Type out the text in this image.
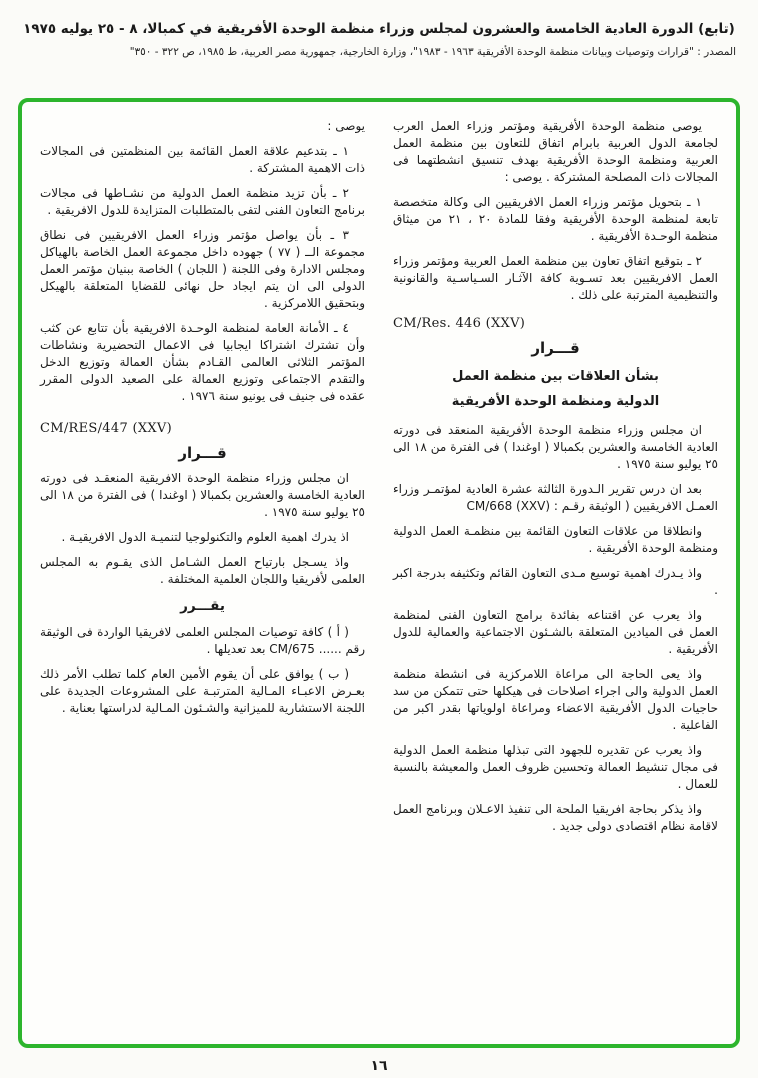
(تابع) الدورة العادية الخامسة والعشرون لمجلس وزراء منظمة الوحدة الأفريقية في كمبالا، ٨ - ٢٥ يوليه ١٩٧٥
المصدر : "قرارات وتوصيات وبيانات منظمة الوحدة الأفريقية ١٩٦٣ - ١٩٨٣"، وزارة الخارجية، جمهورية مصر العربية، ط ١٩٨٥، ص ٣٢٢ - ٣٥٠"

يوصى منظمة الوحدة الأفريقية ومؤتمر وزراء العمل العرب لجامعة الدول العربية بابرام اتفاق للتعاون بين منظمة العمل العربية ومنظمة الوحدة الأفريقية بهدف تنسيق انشطتهما فى المجالات ذات المصلحة المشتركة . يوصى :

١ ـ بتحويل مؤتمر وزراء العمل الافريقيين الى وكالة متخصصة تابعة لمنظمة الوحدة الأفريقية وفقا للمادة ٢٠ ، ٢١ من ميثاق منظمة الوحـدة الأفريقية .

٢ ـ بتوقيع اتفاق تعاون بين منظمة العمل العربية ومؤتمر وزراء العمل الافريقيين بعد تسـوية كافة الآثـار السـياسـية والقانونية والتنظيمية المترتبة على ذلك .

CM/Res. 446 (XXV)
قـــرار
بشأن العلاقات بين منظمة العمل
الدولية ومنظمة الوحدة الأفريقية

ان مجلس وزراء منظمة الوحدة الأفريقية المنعقد فى دورته العادية الخامسة والعشرين بكمبالا ( اوغندا ) فى الفترة من ١٨ الى ٢٥ يوليو سنة ١٩٧٥ .

بعد ان درس تقرير الـدورة الثالثة عشرة العادية لمؤتمـر وزراء العمـل الافريقيين ( الوثيقة رقـم : CM/668 (XXV)

وانطلاقا من علاقات التعاون القائمة بين منظمـة العمل الدولية ومنظمة الوحدة الأفريقية .

واذ يـدرك اهمية توسيع مـدى التعاون القائم وتكثيفه بدرجة اكبر .

واذ يعرب عن اقتناعه بفائدة برامج التعاون الفنى لمنظمة العمل فى الميادين المتعلقة بالشـئون الاجتماعية والعمالية للدول الأفريقية .

واذ يعى الحاجة الى مراعاة اللامركزية فى انشطة منظمة العمل الدولية والى اجراء اصلاحات فى هيكلها حتى تتمكن من سد حاجيات الدول الأفريقية الاعضاء ومراعاة اولوياتها بقدر اكبر من الفاعلية .

واذ يعرب عن تقديره للجهود التى تبذلها منظمة العمل الدولية فى مجال تنشيط العمالة وتحسين ظروف العمل والمعيشة بالنسبة للعمال .

واذ يذكر بحاجة افريقيا الملحة الى تنفيذ الاعـلان وبرنامج العمل لاقامة نظام اقتصادى دولى جديد .

يوصى :

١ ـ بتدعيم علاقة العمل القائمة بين المنظمتين فى المجالات ذات الاهمية المشتركة .

٢ ـ بأن تزيد منظمة العمل الدولية من نشـاطها فى مجالات برنامج التعاون الفنى لتفى بالمتطلبات المتزايدة للدول الافريقية .

٣ ـ بأن يواصل مؤتمر وزراء العمل الافريقيين فى نطاق مجموعة الــ ( ٧٧ ) جهوده داخل مجموعة العمل الخاصة بالهياكل ومجلس الادارة وفى اللجنة ( اللجان ) الخاصة ببنيان مؤتمر العمل الدولى الى ان يتم ايجاد حل نهائى للقضايا المتعلقة بالهيكل وبتحقيق اللامركزية .

٤ ـ الأمانة العامة لمنظمة الوحـدة الافريقية بأن تتابع عن كثب وأن تشترك اشتراكا ايجابيا فى الاعمال التحضيرية ونشاطات المؤتمر الثلاثى العالمى القـادم بشأن العمالة وتوزيع الدخل والتقدم الاجتماعى وتوزيع العمالة على الصعيد الدولى المقرر عقده فى جنيف فى يونيو سنة ١٩٧٦ .

CM/RES/447 (XXV)
قـــرار

ان مجلس وزراء منظمة الوحدة الافريقية المنعقـد فى دورته العادية الخامسة والعشرين بكمبالا ( اوغندا ) فى الفترة من ١٨ الى ٢٥ يوليو سنة ١٩٧٥ .

اذ يدرك اهمية العلوم والتكنولوجيا لتنميـة الدول الافريقيـة .

واذ يسـجل بارتياح العمل الشـامل الذى يقـوم به المجلس العلمى لأفريقيا واللجان العلمية المختلفة .

يقـــرر

( أ ) كافة توصيات المجلس العلمى لافريقيا الواردة فى الوثيقة رقم ...... CM/675 بعد تعديلها .

( ب ) يوافق على أن يقوم الأمين العام كلما تطلب الأمر ذلك بعـرض الاعبـاء المـالية المترتبـة على المشروعات الجديدة على اللجنة الاستشارية للميزانية والشـئون المـالية لدراستها بعناية .

١٦
